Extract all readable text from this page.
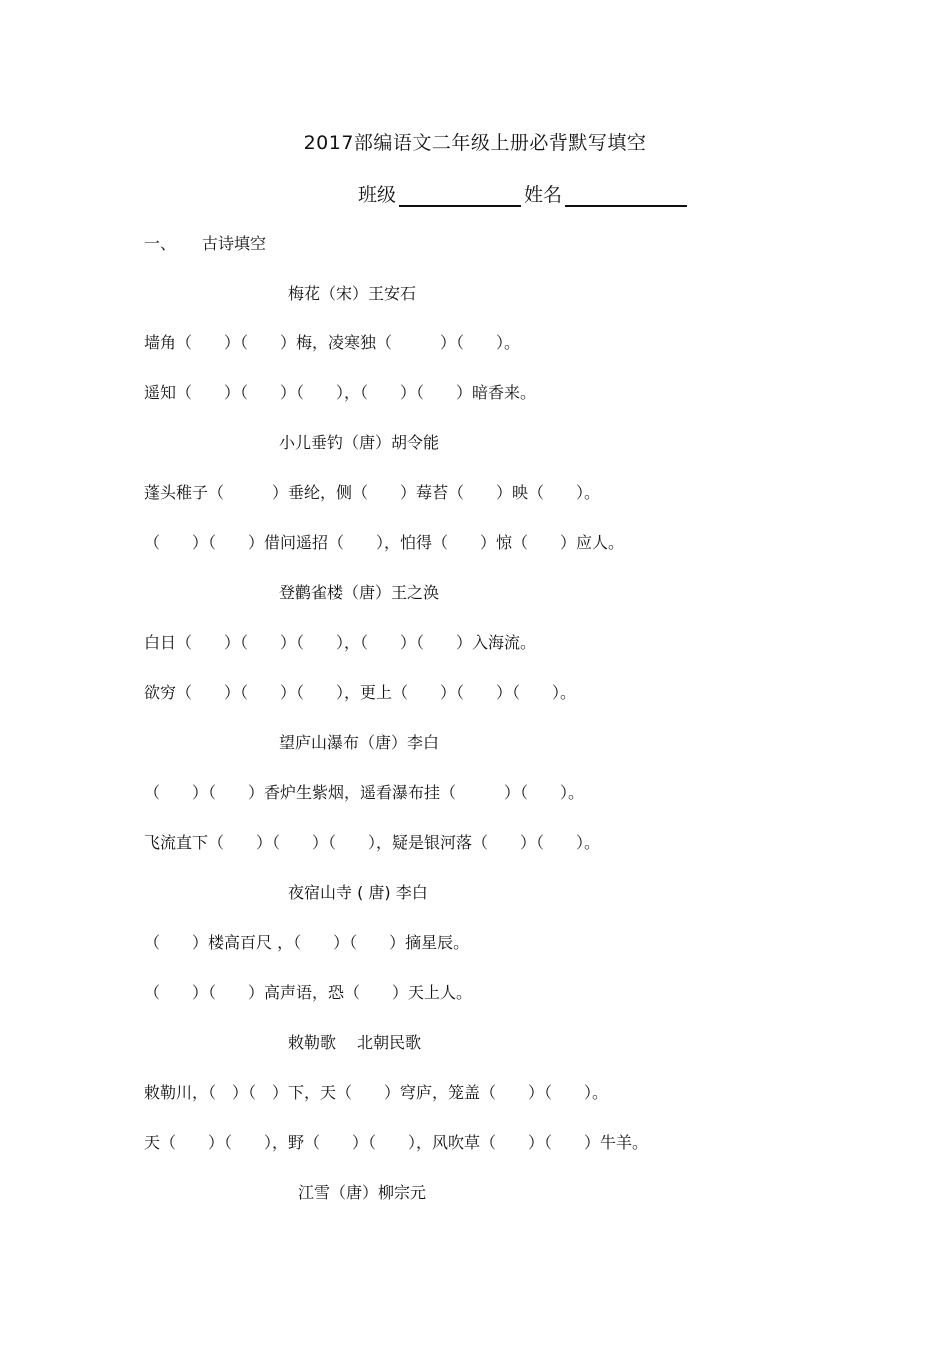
2017部编语文二年级上册必背默写填空
班级	姓名
一、 古诗填空
梅花（宋）王安石
墙角（　　）（　　）梅，凌寒独（　　　）（　　）。
遥知（　　）（　　）（　　），（　　）（　　）暗香来。
小儿垂钓（唐）胡令能
蓬头稚子（　　　）垂纶，侧（　　）莓苔（　　）映（　　）。
（　　）（　　）借问遥招（　　），怕得（　　）惊（　　）应人。
登鹳雀楼（唐）王之涣
白日（　　）（　　）（　　），（　　）（　　）入海流。
欲穷（　　）（　　）（　　），更上（　　）（　　）（　　）。
望庐山瀑布（唐）李白
（　　）（　　）香炉生紫烟，遥看瀑布挂（　　　）（　　）。
飞流直下（　　）（　　）（　　），疑是银河落（　　）（　　）。
夜宿山寺 ( 唐) 李白
（　　）楼高百尺 ，（　　）（　　）摘星辰。
（　　）（　　）高声语，恐（　　）天上人。
敕勒歌　 北朝民歌
敕勒川，（　）（　）下，天（　　）穹庐，笼盖（　　）（　　）。
天（　　）（　　），野（　　）（　　），风吹草（　　）（　　）牛羊。
江雪（唐）柳宗元
